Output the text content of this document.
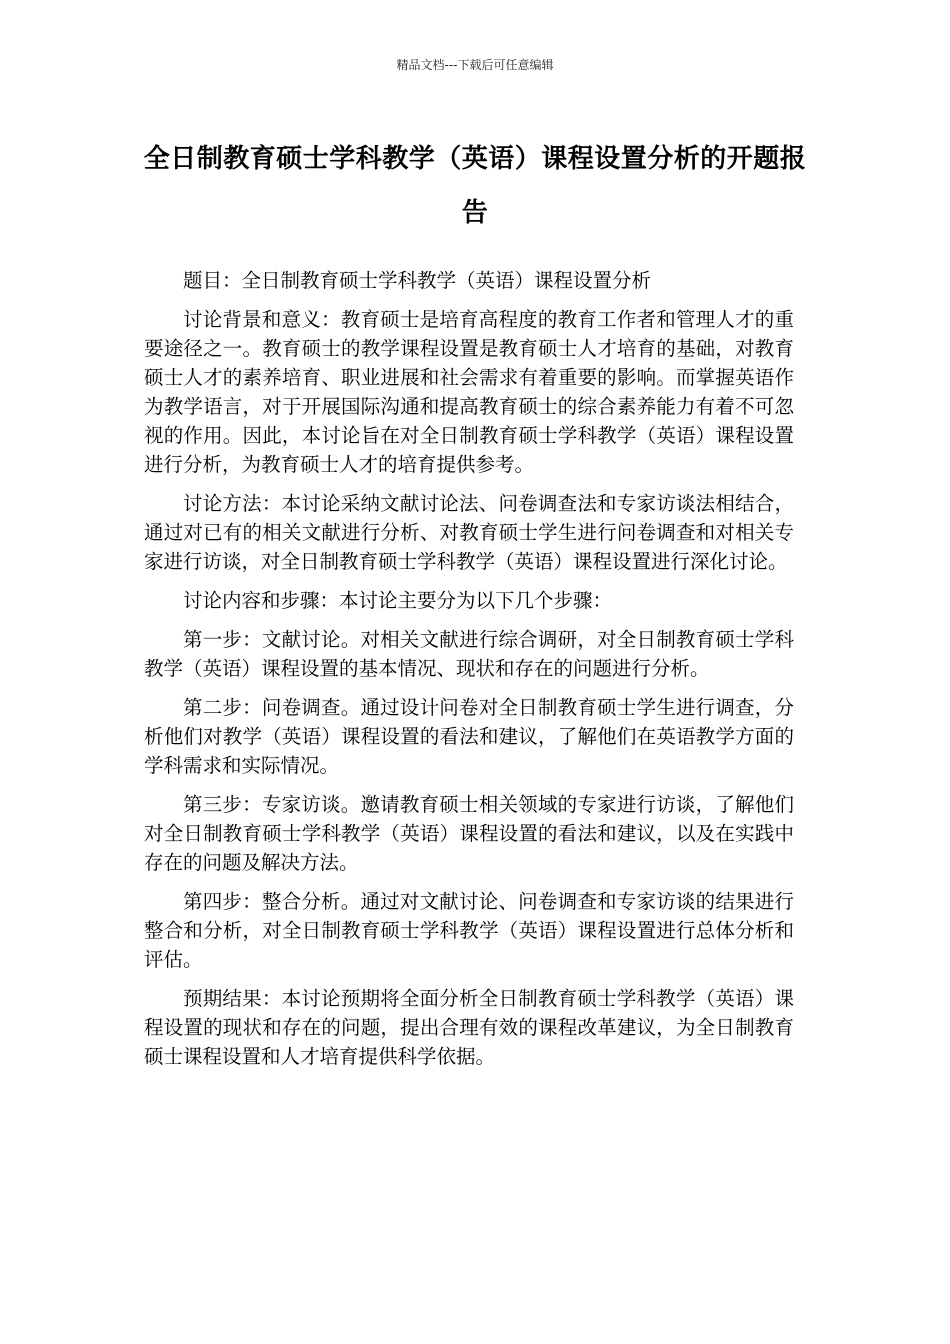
精品文档---下载后可任意编辑
全日制教育硕士学科教学（英语）课程设置分析的开题报告

题目：全日制教育硕士学科教学（英语）课程设置分析

讨论背景和意义：教育硕士是培育高程度的教育工作者和管理人才的重要途径之一。教育硕士的教学课程设置是教育硕士人才培育的基础，对教育硕士人才的素养培育、职业进展和社会需求有着重要的影响。而掌握英语作为教学语言，对于开展国际沟通和提高教育硕士的综合素养能力有着不可忽视的作用。因此，本讨论旨在对全日制教育硕士学科教学（英语）课程设置进行分析，为教育硕士人才的培育提供参考。

讨论方法：本讨论采纳文献讨论法、问卷调查法和专家访谈法相结合，通过对已有的相关文献进行分析、对教育硕士学生进行问卷调查和对相关专家进行访谈，对全日制教育硕士学科教学（英语）课程设置进行深化讨论。

讨论内容和步骤：本讨论主要分为以下几个步骤：

第一步：文献讨论。对相关文献进行综合调研，对全日制教育硕士学科教学（英语）课程设置的基本情况、现状和存在的问题进行分析。

第二步：问卷调查。通过设计问卷对全日制教育硕士学生进行调查，分析他们对教学（英语）课程设置的看法和建议，了解他们在英语教学方面的学科需求和实际情况。

第三步：专家访谈。邀请教育硕士相关领域的专家进行访谈，了解他们对全日制教育硕士学科教学（英语）课程设置的看法和建议，以及在实践中存在的问题及解决方法。

第四步：整合分析。通过对文献讨论、问卷调查和专家访谈的结果进行整合和分析，对全日制教育硕士学科教学（英语）课程设置进行总体分析和评估。

预期结果：本讨论预期将全面分析全日制教育硕士学科教学（英语）课程设置的现状和存在的问题，提出合理有效的课程改革建议，为全日制教育硕士课程设置和人才培育提供科学依据。
